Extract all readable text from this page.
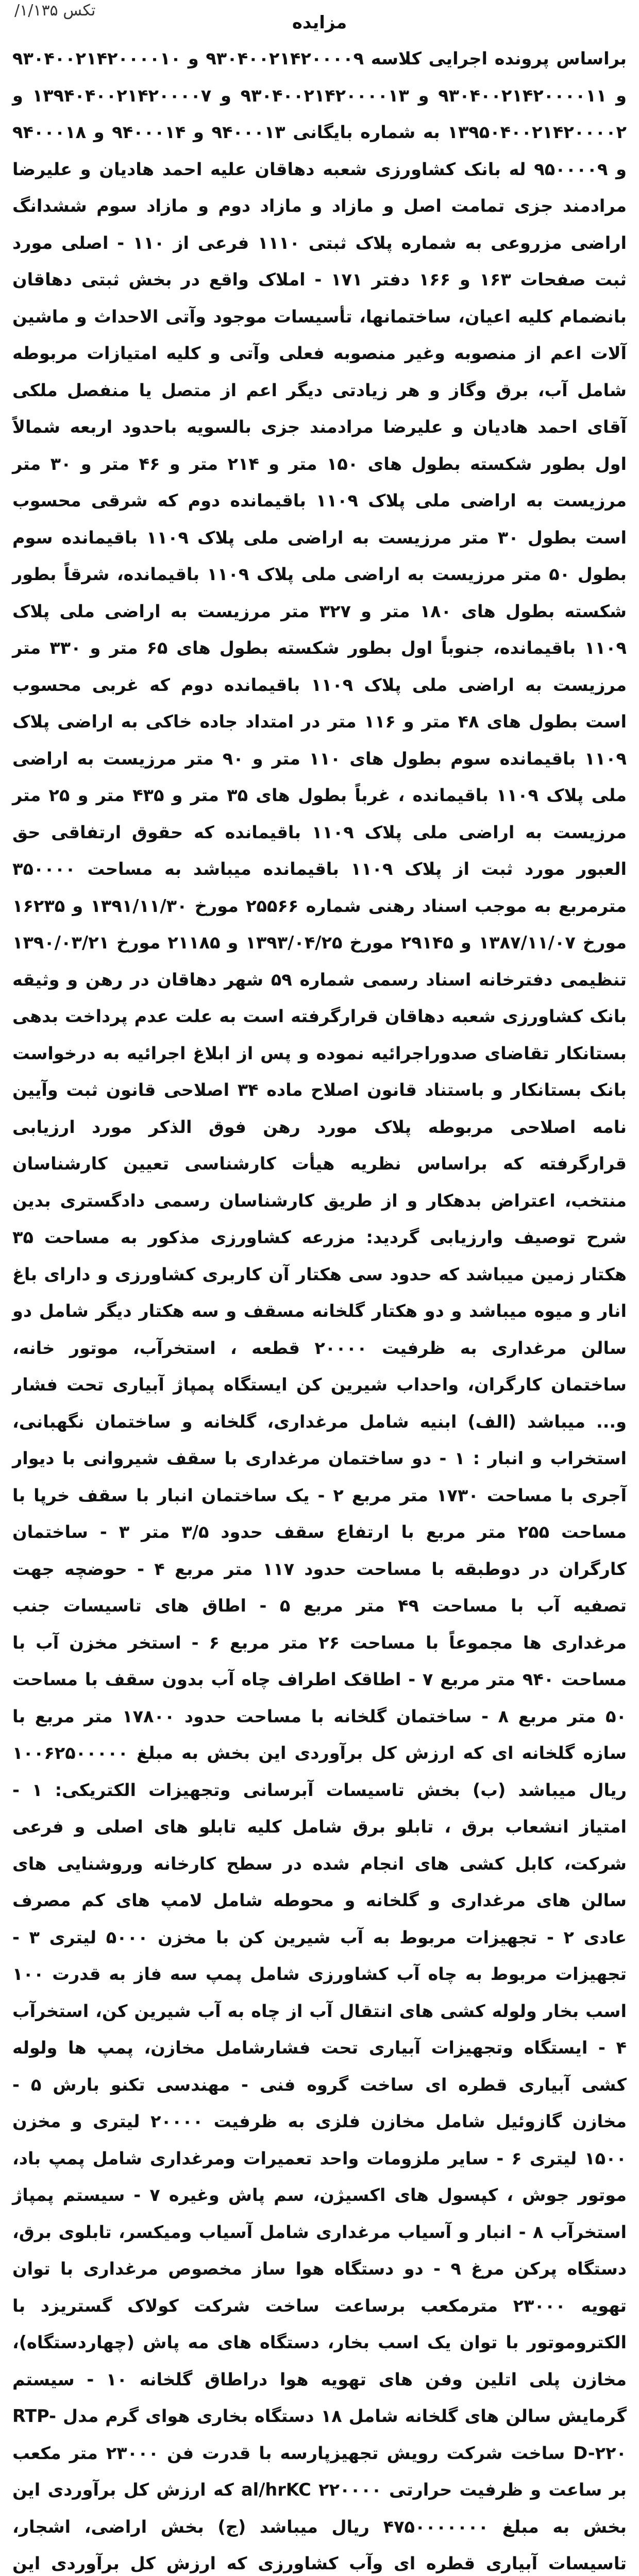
تکس ۱/۱۳۵/
مزایده
براساس پرونده اجرایی کلاسه ۹۳۰۴۰۰۲۱۴۲۰۰۰۰۹ و ۹۳۰۴۰۰۲۱۴۲۰۰۰۰۱۰ و ۹۳۰۴۰۰۲۱۴۲۰۰۰۰۱۱ و ۹۳۰۴۰۰۲۱۴۲۰۰۰۰۱۳ و ۱۳۹۴۰۴۰۰۲۱۴۲۰۰۰۰۷ و ۱۳۹۵۰۴۰۰۲۱۴۲۰۰۰۰۲ به شماره بایگانی ۹۴۰۰۰۱۳ و ۹۴۰۰۰۱۴ و ۹۴۰۰۰۱۸ و ۹۵۰۰۰۰۹ له بانک کشاورزی شعبه دهاقان علیه احمد هادیان و علیرضا مرادمند جزی تمامت اصل و مازاد و مازاد دوم و مازاد سوم ششدانگ اراضی مزروعی به شماره پلاک ثبتی ۱۱۱۰ فرعی از ۱۱۰ - اصلی مورد ثبت صفحات ۱۶۳ و ۱۶۶ دفتر ۱۷۱ - املاک واقع در بخش ثبتی دهاقان بانضمام کلیه اعیان، ساختمانها، تأسیسات موجود وآتی الاحداث و ماشین آلات اعم از منصوبه وغیر منصوبه فعلی وآتی و کلیه امتیازات مربوطه شامل آب، برق وگاز و هر زیادتی دیگر اعم از متصل یا منفصل ملکی آقای احمد هادیان و علیرضا مرادمند جزی بالسویه باحدود اربعه شمالاً اول بطور شکسته بطول های ۱۵۰ متر و ۲۱۴ متر و ۴۶ متر و ۳۰ متر مرزیست به اراضی ملی پلاک ۱۱۰۹ باقیمانده دوم که شرقی محسوب است بطول ۳۰ متر مرزیست به اراضی ملی پلاک ۱۱۰۹ باقیمانده سوم بطول ۵۰ متر مرزیست به اراضی ملی پلاک ۱۱۰۹ باقیمانده، شرقاً بطور شکسته بطول های ۱۸۰ متر و ۳۲۷ متر مرزیست به اراضی ملی پلاک ۱۱۰۹ باقیمانده، جنوباً اول بطور شکسته بطول های ۶۵ متر و ۳۳۰ متر مرزیست به اراضی ملی پلاک ۱۱۰۹ باقیمانده دوم که غربی محسوب است بطول های ۴۸ متر و ۱۱۶ متر در امتداد جاده خاکی به اراضی پلاک ۱۱۰۹ باقیمانده سوم بطول های ۱۱۰ متر و ۹۰ متر مرزیست به اراضی ملی پلاک ۱۱۰۹ باقیمانده ، غرباً بطول های ۳۵ متر و ۴۳۵ متر و ۲۵ متر مرزیست به اراضی ملی پلاک ۱۱۰۹ باقیمانده که حقوق ارتفاقی حق العبور مورد ثبت از پلاک ۱۱۰۹ باقیمانده میباشد به مساحت ۳۵۰۰۰۰ مترمربع به موجب اسناد رهنی شماره ۲۵۵۶۶ مورخ ۱۳۹۱/۱۱/۳۰ و ۱۶۲۳۵ مورخ ۱۳۸۷/۱۱/۰۷ و ۲۹۱۴۵ مورخ ۱۳۹۳/۰۴/۲۵ و ۲۱۱۸۵ مورخ ۱۳۹۰/۰۳/۲۱ تنظیمی دفترخانه اسناد رسمی شماره ۵۹ شهر دهاقان در رهن و وثیقه بانک کشاورزی شعبه دهاقان قرارگرفته است به علت عدم پرداخت بدهی بستانکار تقاضای صدوراجرائیه نموده و پس از ابلاغ اجرائیه به درخواست بانک بستانکار و باستناد قانون اصلاح ماده ۳۴ اصلاحی قانون ثبت وآیین نامه اصلاحی مربوطه پلاک مورد رهن فوق الذکر مورد ارزیابی قرارگرفته که براساس نظریه هیأت کارشناسی تعیین کارشناسان منتخب، اعتراض بدهکار و از طریق کارشناسان رسمی دادگستری بدین شرح توصیف وارزیابی گردید: مزرعه کشاورزی مذکور به مساحت ۳۵ هکتار زمین میباشد که حدود سی هکتار آن کاربری کشاورزی و دارای باغ انار و میوه میباشد و دو هکتار گلخانه مسقف و سه هکتار دیگر شامل دو سالن مرغداری به ظرفیت ۲۰۰۰۰ قطعه ، استخرآب، موتور خانه، ساختمان کارگران، واحداب شیرین کن ایستگاه پمپاژ آبیاری تحت فشار و... میباشد (الف) ابنیه شامل مرغداری، گلخانه و ساختمان نگهبانی، استخراب و انبار : ۱ - دو ساختمان مرغداری با سقف شیروانی با دیوار آجری با مساحت ۱۷۳۰ متر مربع ۲ - یک ساختمان انبار با سقف خرپا با مساحت ۲۵۵ متر مربع با ارتفاع سقف حدود ۳/۵ متر ۳ - ساختمان کارگران در دوطبقه با مساحت حدود ۱۱۷ متر مربع ۴ - حوضچه جهت تصفیه آب با مساحت ۴۹ متر مربع ۵ - اطاق های تاسیسات جنب مرغداری ها مجموعاً با مساحت ۲۶ متر مربع ۶ - استخر مخزن آب با مساحت ۹۴۰ متر مربع ۷ - اطاقک اطراف چاه آب بدون سقف با مساحت ۵۰ متر مربع ۸ - ساختمان گلخانه با مساحت حدود ۱۷۸۰۰ متر مربع با سازه گلخانه ای که ارزش کل برآوردی این بخش به مبلغ ۱۰۰۶۲۵۰۰۰۰۰ ریال میباشد (ب) بخش تاسیسات آبرسانی وتجهیزات الکتریکی: ۱ - امتیاز انشعاب برق ، تابلو برق شامل کلیه تابلو های اصلی و فرعی شرکت، کابل کشی های انجام شده در سطح کارخانه وروشنایی های سالن های مرغداری و گلخانه و محوطه شامل لامپ های کم مصرف عادی ۲ - تجهیزات مربوط به آب شیرین کن با مخزن ۵۰۰۰ لیتری ۳ - تجهیزات مربوط به چاه آب کشاورزی شامل پمپ سه فاز به قدرت ۱۰۰ اسب بخار ولوله کشی های انتقال آب از چاه به آب شیرین کن، استخرآب ۴ - ایستگاه وتجهیزات آبیاری تحت فشارشامل مخازن، پمپ ها ولوله کشی آبیاری قطره ای ساخت گروه فنی - مهندسی تکنو بارش ۵ - مخازن گازوئیل شامل مخازن فلزی به ظرفیت ۲۰۰۰۰ لیتری و مخزن ۱۵۰۰ لیتری ۶ - سایر ملزومات واحد تعمیرات ومرغداری شامل پمپ باد، موتور جوش ، کپسول های اکسیژن، سم پاش وغیره ۷ - سیستم پمپاژ استخرآب ۸ - انبار و آسیاب مرغداری شامل آسیاب ومیکسر، تابلوی برق، دستگاه پرکن مرغ ۹ - دو دستگاه هوا ساز مخصوص مرغداری با توان تهویه ۲۳۰۰۰ مترمکعب برساعت ساخت شرکت کولاک گستریزد با الکتروموتور با توان یک اسب بخار، دستگاه های مه پاش (چهاردستگاه)، مخازن پلی اتلین وفن های تهویه هوا دراطاق گلخانه ۱۰ - سیستم گرمایش سالن های گلخانه شامل ۱۸ دستگاه بخاری هوای گرم مدل RTP-D-۲۲۰ ساخت شرکت رویش تجهیزپارسه با قدرت فن ۲۳۰۰۰ متر مکعب بر ساعت و ظرفیت حرارتی al/hrKC ۲۲۰۰۰۰ که ارزش کل برآوردی این بخش به مبلغ ۴۷۵۰۰۰۰۰۰۰ ریال میباشد (ج) بخش اراضی، اشجار، تاسیسات آبیاری قطره ای وآب کشاورزی که ارزش کل برآوردی این
